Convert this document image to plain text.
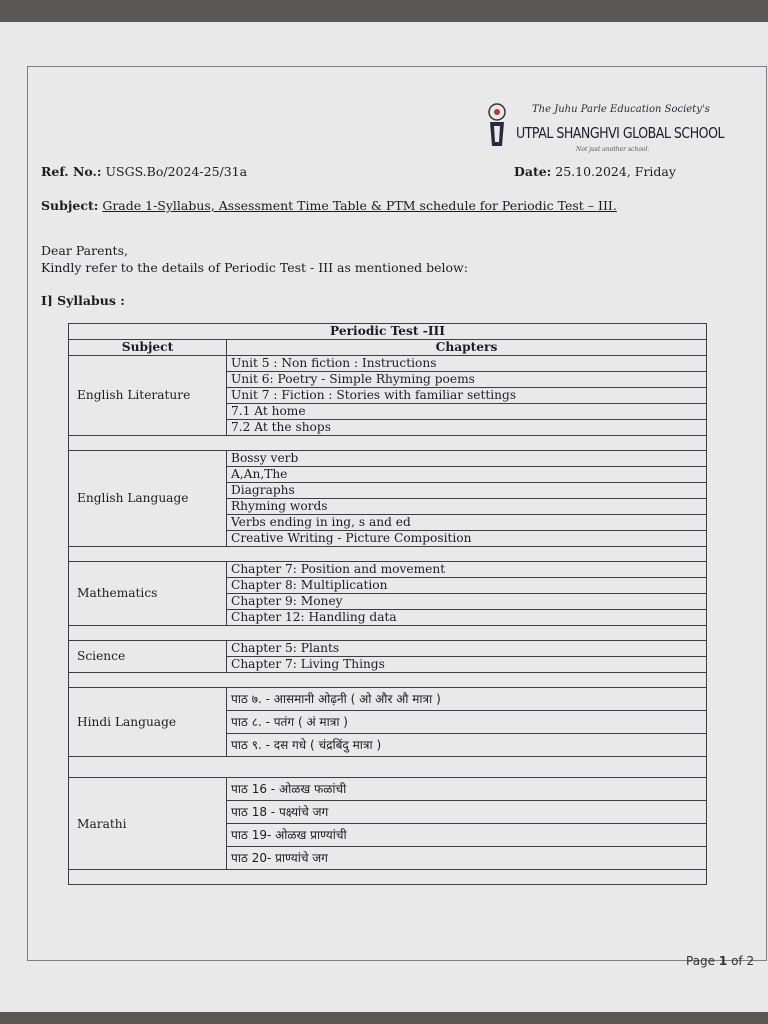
The Juhu Parle Education Society's
UTPAL SHANGHVI GLOBAL SCHOOL
Not just another school.
Ref. No.: USGS.Bo/2024-25/31a	Date: 25.10.2024, Friday
Subject: Grade 1-Syllabus, Assessment Time Table & PTM schedule for Periodic Test – III.
Dear Parents,
Kindly refer to the details of Periodic Test - III as mentioned below:
I] Syllabus :
Page 1 of 2
Periodic Test -III	
Subject	Chapters
English Literature	Unit 5 : Non fiction : Instructions
	Unit 6: Poetry - Simple Rhyming poems
	Unit 7 : Fiction : Stories with familiar settings
	7.1 At home
	7.2 At the shops

English Language	Bossy verb
	A,An,The
	Diagraphs
	Rhyming words
	Verbs ending in ing, s and ed
	Creative Writing - Picture Composition

Mathematics	Chapter 7: Position and movement
	Chapter 8: Multiplication
	Chapter 9: Money
	Chapter 12: Handling data

Science	Chapter 5: Plants
	Chapter 7: Living Things

Hindi Language	पाठ ७. - आसमानी ओढ़नी ( ओ और औ मात्रा )
	पाठ ८. - पतंग ( अं मात्रा )
	पाठ ९. - दस गधे ( चंद्रबिंदु मात्रा )

Marathi	पाठ 16 - ओळख फळांची
	पाठ 18 - पक्ष्यांचे जग
	पाठ 19- ओळख प्राण्यांची
	पाठ 20- प्राण्यांचे जग
